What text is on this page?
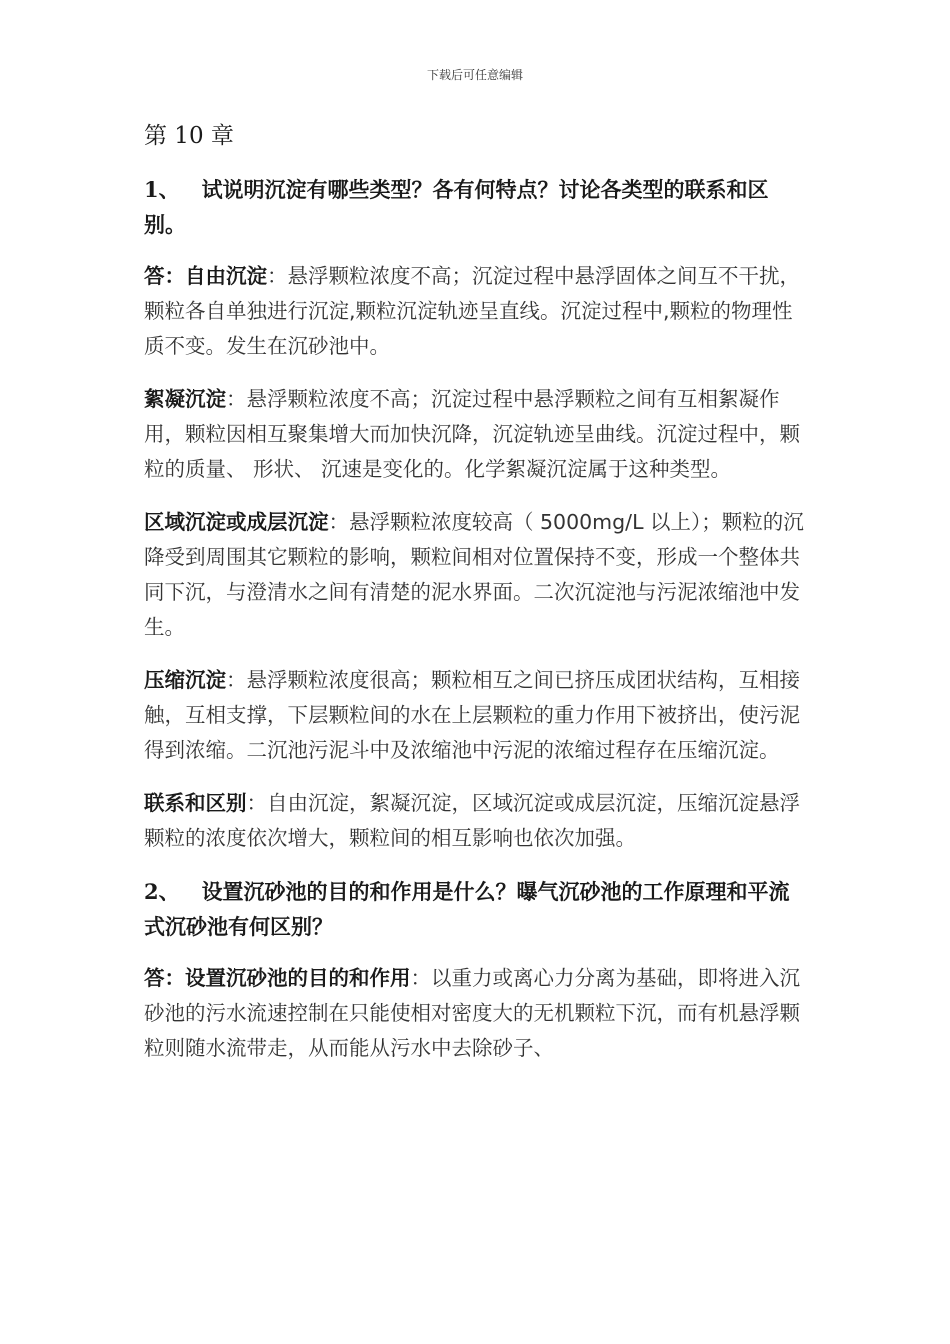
下载后可任意编辑
第 10 章
1、 试说明沉淀有哪些类型？各有何特点？讨论各类型的联系和区别。

答：自由沉淀：悬浮颗粒浓度不高；沉淀过程中悬浮固体之间互不干扰，颗粒各自单独进行沉淀,颗粒沉淀轨迹呈直线。沉淀过程中,颗粒的物理性质不变。发生在沉砂池中。

絮凝沉淀：悬浮颗粒浓度不高；沉淀过程中悬浮颗粒之间有互相絮凝作用，颗粒因相互聚集增大而加快沉降，沉淀轨迹呈曲线。沉淀过程中，颗粒的质量、 形状、 沉速是变化的。化学絮凝沉淀属于这种类型。

区域沉淀或成层沉淀：悬浮颗粒浓度较高（ 5000mg/L 以上）；颗粒的沉降受到周围其它颗粒的影响，颗粒间相对位置保持不变，形成一个整体共同下沉，与澄清水之间有清楚的泥水界面。二次沉淀池与污泥浓缩池中发生。

压缩沉淀：悬浮颗粒浓度很高；颗粒相互之间已挤压成团状结构，互相接触，互相支撑，下层颗粒间的水在上层颗粒的重力作用下被挤出，使污泥得到浓缩。二沉池污泥斗中及浓缩池中污泥的浓缩过程存在压缩沉淀。

联系和区别：自由沉淀，絮凝沉淀，区域沉淀或成层沉淀，压缩沉淀悬浮颗粒的浓度依次增大，颗粒间的相互影响也依次加强。

2、 设置沉砂池的目的和作用是什么？曝气沉砂池的工作原理和平流式沉砂池有何区别？

答：设置沉砂池的目的和作用：以重力或离心力分离为基础，即将进入沉砂池的污水流速控制在只能使相对密度大的无机颗粒下沉，而有机悬浮颗粒则随水流带走，从而能从污水中去除砂子、
